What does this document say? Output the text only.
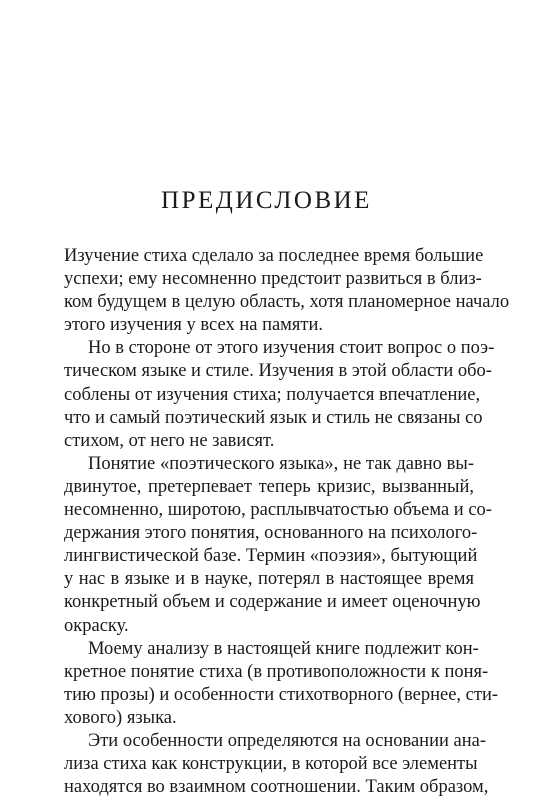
ПРЕДИСЛОВИЕ
Изучение стиха сделало за последнее время большие
успехи; ему несомненно предстоит развиться в близ-
ком будущем в целую область, хотя планомерное начало
этого изучения у всех на памяти.
Но в стороне от этого изучения стоит вопрос о поэ-
тическом языке и стиле. Изучения в этой области обо-
соблены от изучения стиха; получается впечатление,
что и самый поэтический язык и стиль не связаны со
стихом, от него не зависят.
Понятие «поэтического языка», не так давно вы-
двинутое, претерпевает теперь кризис, вызванный,
несомненно, широтою, расплывчатостью объема и со-
держания этого понятия, основанного на психолого-
лингвистической базе. Термин «поэзия», бытующий
у нас в языке и в науке, потерял в настоящее время
конкретный объем и содержание и имеет оценочную
окраску.
Моему анализу в настоящей книге подлежит кон-
кретное понятие стиха (в противоположности к поня-
тию прозы) и особенности стихотворного (вернее, сти-
хового) языка.
Эти особенности определяются на основании ана-
лиза стиха как конструкции, в которой все элементы
находятся во взаимном соотношении. Таким образом,
